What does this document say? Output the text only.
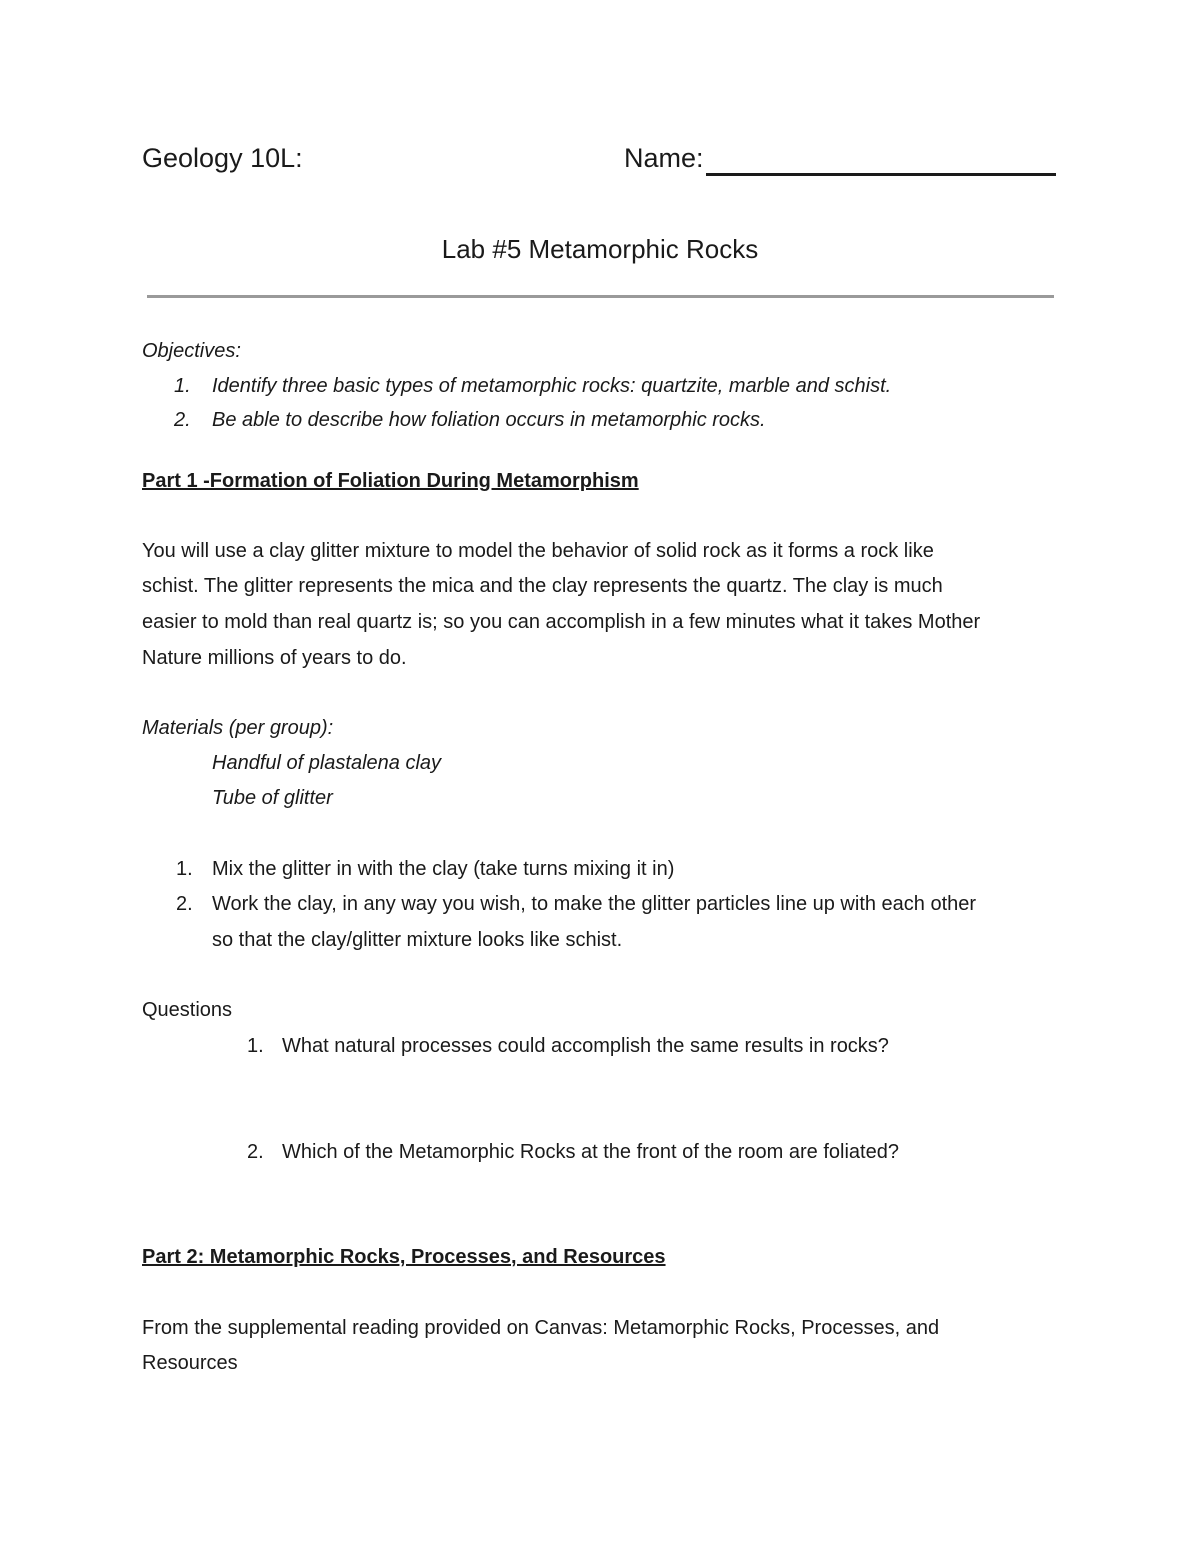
Geology 10L:	Name:
Lab #5 Metamorphic Rocks
Objectives:
1. Identify three basic types of metamorphic rocks: quartzite, marble and schist.
2. Be able to describe how foliation occurs in metamorphic rocks.
Part 1 -Formation of Foliation During Metamorphism
You will use a clay glitter mixture to model the behavior of solid rock as it forms a rock like
schist. The glitter represents the mica and the clay represents the quartz. The clay is much
easier to mold than real quartz is; so you can accomplish in a few minutes what it takes Mother
Nature millions of years to do.
Materials (per group):
Handful of plastalena clay
Tube of glitter
1. Mix the glitter in with the clay (take turns mixing it in)
2. Work the clay, in any way you wish, to make the glitter particles line up with each other
so that the clay/glitter mixture looks like schist.
Questions
1. What natural processes could accomplish the same results in rocks?
2. Which of the Metamorphic Rocks at the front of the room are foliated?
Part 2: Metamorphic Rocks, Processes, and Resources
From the supplemental reading provided on Canvas: Metamorphic Rocks, Processes, and
Resources
